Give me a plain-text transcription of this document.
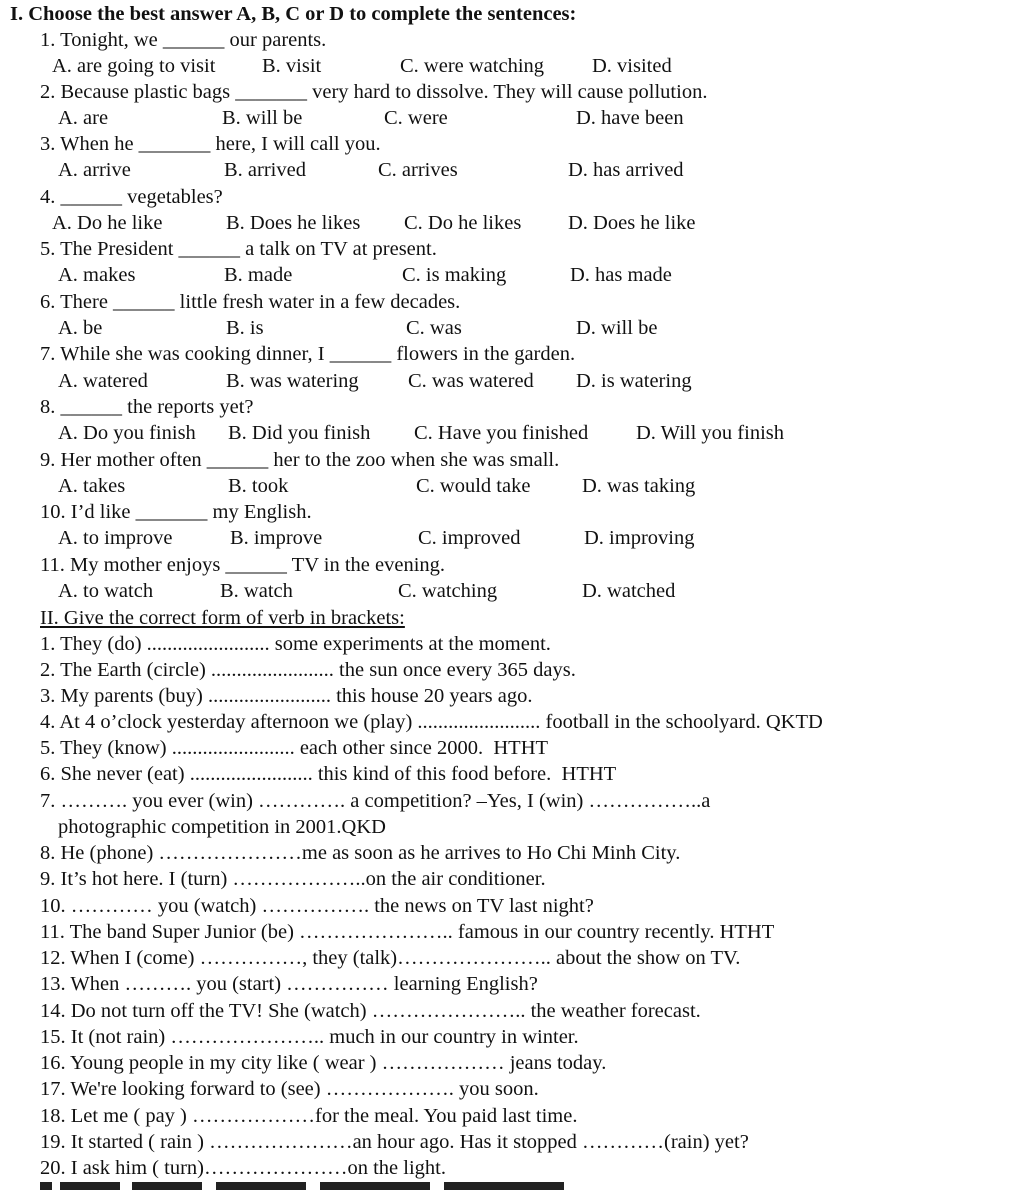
I. Choose the best answer A, B, C or D to complete the sentences:
1. Tonight, we ______ our parents.

A. are going to visit

B. visit

	C. were watching

D. visited

2. Because plastic bags _______ very hard to dissolve. They will cause pollution.

A. are

	B. will be

	C. were

	D. have been

3. When he _______ here, I will call you.

A. arrive

	B. arrived

	C. arrives

	D. has arrived

4. ______ vegetables?

A. Do he like

	B. Does he likes

C. Do he likes

D. Does he like

5. The President ______ a talk on TV at present.

A. makes

	B. made

	C. is making

	D. has made

6. There ______ little fresh water in a few decades.

A. be

	B. is

	C. was

	D. will be

7. While she was cooking dinner, I ______ flowers in the garden.

A. watered

	B. was watering

C. was watered

D. is watering

8. ______ the reports yet?

A. Do you finish

B. Did you finish

C. Have you finished

D. Will you finish

9. Her mother often ______ her to the zoo when she was small.

A. takes

	B. took

	C. would take

	D. was taking

10. I’d like _______ my English.

A. to improve

	B. improve

	C. improved

	D. improving

11. My mother enjoys ______ TV in the evening.

A. to watch

	B. watch

	C. watching

	D. watched

II. Give the correct form of verb in brackets:
1. They (do) ........................ some experiments at the moment.
2. The Earth (circle) ........................ the sun once every 365 days.
3. My parents (buy) ........................ this house 20 years ago.
4. At 4 o’clock yesterday afternoon we (play) ........................ football in the schoolyard. QKTD
5. They (know) ........................ each other since 2000.  HTHT
6. She never (eat) ........................ this kind of this food before.  HTHT
7. ………. you ever (win) …………. a competition? –Yes, I (win) ……………..a
photographic competition in 2001.QKD
8. He (phone) …………………me as soon as he arrives to Ho Chi Minh City.
9. It’s hot here. I (turn) ………………..on the air conditioner.
10. ………… you (watch) ……………. the news on TV last night?
11. The band Super Junior (be) ………………….. famous in our country recently. HTHT
12. When I (come) ……………, they (talk)………………….. about the show on TV.
13. When ………. you (start) …………… learning English?
14. Do not turn off the TV! She (watch) ………………….. the weather forecast.
15. It (not rain) ………………….. much in our country in winter.
16. Young people in my city like ( wear ) ……………… jeans today.
17. We're looking forward to (see) ………………. you soon.
18. Let me ( pay ) ………………for the meal. You paid last time.
19. It started ( rain ) …………………an hour ago. Has it stopped …………(rain) yet?
20. I ask him ( turn)…………………on the light.
